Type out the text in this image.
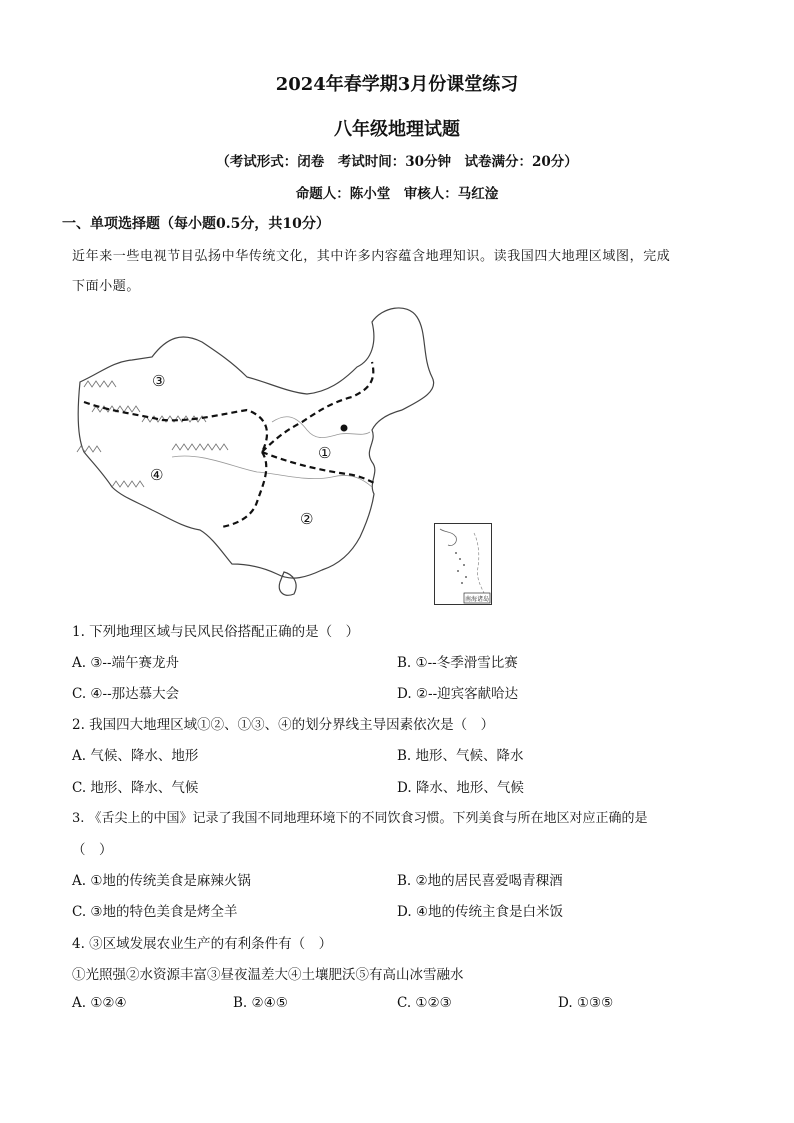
2024年春学期3月份课堂练习
八年级地理试题
（考试形式：闭卷　考试时间：30分钟　试卷满分：20分）
命题人：陈小堂　审核人：马红淦
一、单项选择题（每小题0.5分，共10分）
近年来一些电视节目弘扬中华传统文化，其中许多内容蕴含地理知识。读我国四大地理区域图，完成
下面小题。
③
④
①
②
南海诸岛
1. 下列地理区域与民风民俗搭配正确的是（　）
A. ③--端午赛龙舟	B. ①--冬季滑雪比赛
C. ④--那达慕大会	D. ②--迎宾客献哈达
2. 我国四大地理区域①②、①③、④的划分界线主导因素依次是（　）
A. 气候、降水、地形	B. 地形、气候、降水
C. 地形、降水、气候	D. 降水、地形、气候
3. 《舌尖上的中国》记录了我国不同地理环境下的不同饮食习惯。下列美食与所在地区对应正确的是
（　）
A. ①地的传统美食是麻辣火锅	B. ②地的居民喜爱喝青稞酒
C. ③地的特色美食是烤全羊	D. ④地的传统主食是白米饭
4. ③区域发展农业生产的有利条件有（　）
①光照强②水资源丰富③昼夜温差大④土壤肥沃⑤有高山冰雪融水
A. ①②④	B. ②④⑤	C. ①②③	D. ①③⑤
